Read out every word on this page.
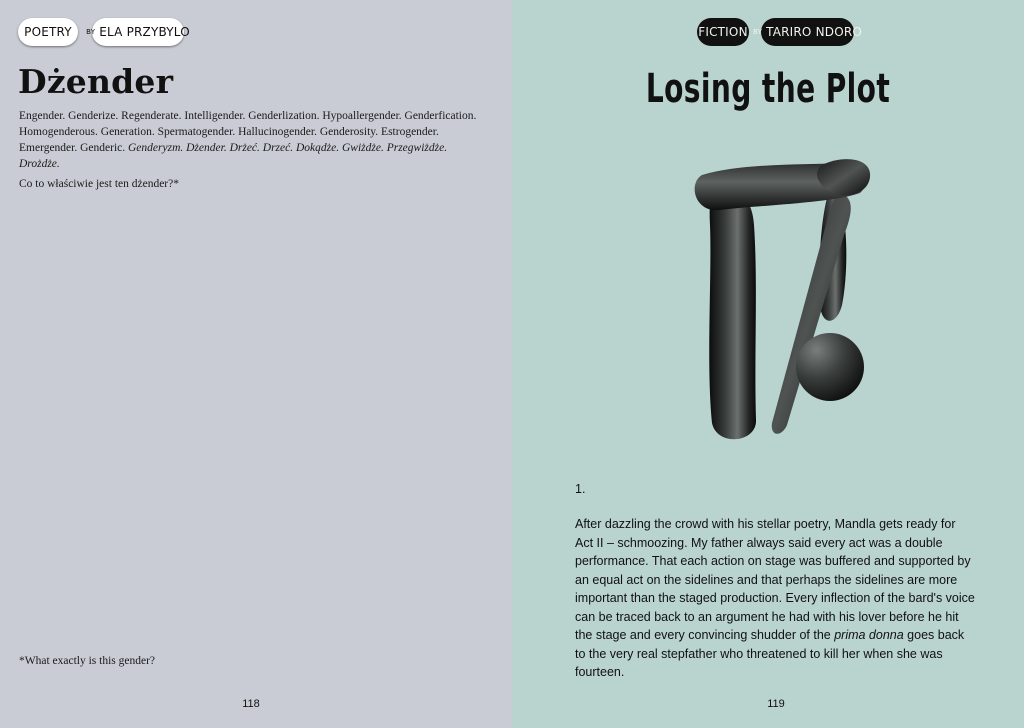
POETRY BY ELA PRZYBYLO
Dżender

Engender. Genderize. Regenderate. Intelligender. Genderlization. Hypoallergender. Genderfication. Homogenderous. Generation. Spermatogender. Hallucinogender. Genderosity. Estrogender. Emergender. Genderic. Genderyzm. Dżender. Drżeć. Drzeć. Dokądże. Gwiżdże. Przegwiżdże. Drożdże.

Co to właściwie jest ten dżender?*

*What exactly is this gender?

118
FICTION BY TARIRO NDORO
Losing the Plot

1.

After dazzling the crowd with his stellar poetry, Mandla gets ready for Act II – schmoozing. My father always said every act was a double performance. That each action on stage was buffered and supported by an equal act on the sidelines and that perhaps the sidelines are more important than the staged production. Every inflection of the bard's voice can be traced back to an argument he had with his lover before he hit the stage and every convincing shudder of the prima donna goes back to the very real stepfather who threatened to kill her when she was fourteen.

119
